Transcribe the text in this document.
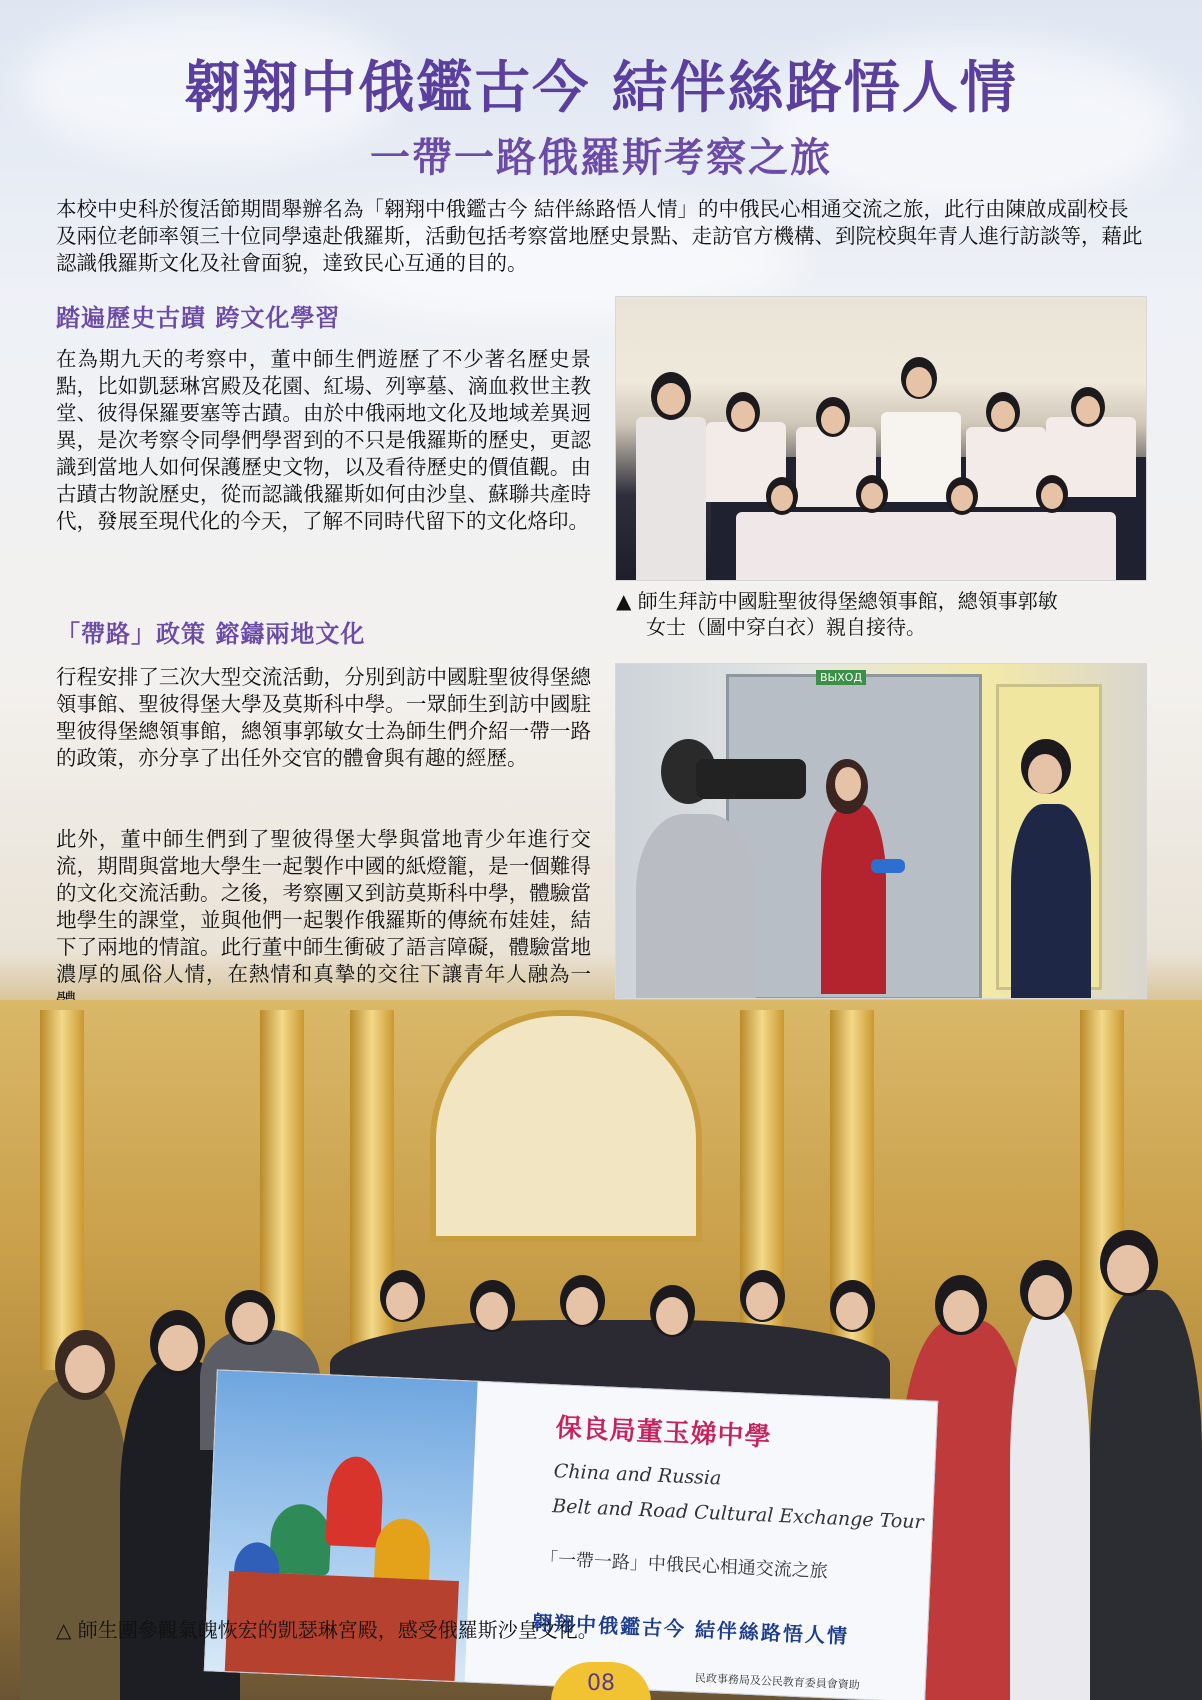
翱翔中俄鑑古今 結伴絲路悟人情
一帶一路俄羅斯考察之旅
本校中史科於復活節期間舉辦名為「翱翔中俄鑑古今 結伴絲路悟人情」的中俄民心相通交流之旅，此行由陳啟成副校長及兩位老師率領三十位同學遠赴俄羅斯，活動包括考察當地歷史景點、走訪官方機構、到院校與年青人進行訪談等，藉此認識俄羅斯文化及社會面貌，達致民心互通的目的。
踏遍歷史古蹟 跨文化學習
在為期九天的考察中，董中師生們遊歷了不少著名歷史景點，比如凱瑟琳宮殿及花園、紅場、列寧墓、滴血救世主教堂、彼得保羅要塞等古蹟。由於中俄兩地文化及地域差異迥異，是次考察令同學們學習到的不只是俄羅斯的歷史，更認識到當地人如何保護歷史文物，以及看待歷史的價值觀。由古蹟古物說歷史，從而認識俄羅斯如何由沙皇、蘇聯共產時代，發展至現代化的今天，了解不同時代留下的文化烙印。
「帶路」政策 鎔鑄兩地文化
行程安排了三次大型交流活動，分別到訪中國駐聖彼得堡總領事館、聖彼得堡大學及莫斯科中學。一眾師生到訪中國駐聖彼得堡總領事館，總領事郭敏女士為師生們介紹一帶一路的政策，亦分享了出任外交官的體會與有趣的經歷。
此外，董中師生們到了聖彼得堡大學與當地青少年進行交流，期間與當地大學生一起製作中國的紙燈籠，是一個難得的文化交流活動。之後，考察團又到訪莫斯科中學，體驗當地學生的課堂，並與他們一起製作俄羅斯的傳統布娃娃，結下了兩地的情誼。此行董中師生衝破了語言障礙，體驗當地濃厚的風俗人情，在熱情和真摯的交往下讓青年人融為一
▲ 師生拜訪中國駐聖彼得堡總領事館，總領事郭敏
女士（圖中穿白衣）親自接待。
ВЫХОД
保良局董玉娣中學
China and Russia
Belt and Road Cultural Exchange Tour
「一帶一路」中俄民心相通交流之旅
翱翔中俄鑑古今 結伴絲路悟人情
民政事務局及公民教育委員會資助
△ 師生團參觀氣魄恢宏的凱瑟琳宮殿，感受俄羅斯沙皇文化。
08
